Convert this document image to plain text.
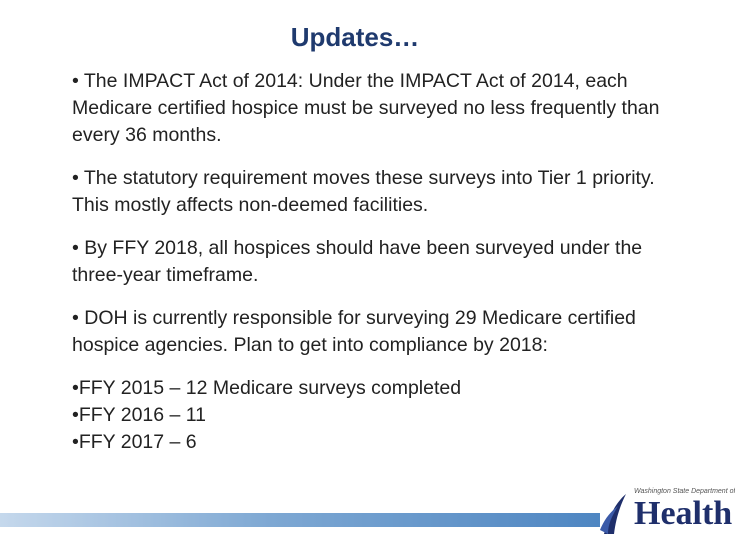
Updates…

• The IMPACT Act of 2014: Under the IMPACT Act of 2014, each Medicare certified hospice must be surveyed no less frequently than every 36 months.

• The statutory requirement moves these surveys into Tier 1 priority. This mostly affects non-deemed facilities.

• By FFY 2018, all hospices should have been surveyed under the three-year timeframe.

• DOH is currently responsible for surveying 29 Medicare certified hospice agencies. Plan to get into compliance by 2018:

•FFY 2015 – 12 Medicare surveys completed
•FFY 2016 – 11
•FFY 2017 – 6
Washington State Department of
Health
